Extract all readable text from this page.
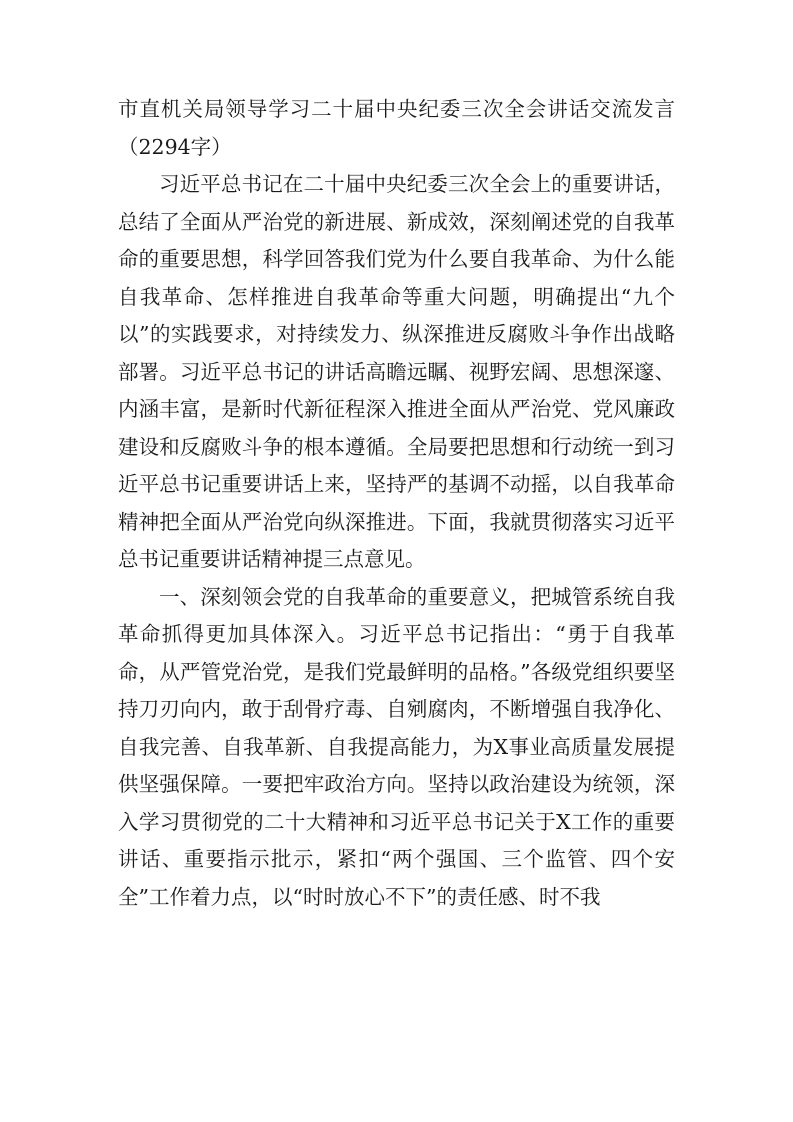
市直机关局领导学习二十届中央纪委三次全会讲话交流发言（2294字）

习近平总书记在二十届中央纪委三次全会上的重要讲话，总结了全面从严治党的新进展、新成效，深刻阐述党的自我革命的重要思想，科学回答我们党为什么要自我革命、为什么能自我革命、怎样推进自我革命等重大问题，明确提出“九个以”的实践要求，对持续发力、纵深推进反腐败斗争作出战略部署。习近平总书记的讲话高瞻远瞩、视野宏阔、思想深邃、内涵丰富，是新时代新征程深入推进全面从严治党、党风廉政建设和反腐败斗争的根本遵循。全局要把思想和行动统一到习近平总书记重要讲话上来，坚持严的基调不动摇，以自我革命精神把全面从严治党向纵深推进。下面，我就贯彻落实习近平总书记重要讲话精神提三点意见。

一、深刻领会党的自我革命的重要意义，把城管系统自我革命抓得更加具体深入。习近平总书记指出：“勇于自我革命，从严管党治党，是我们党最鲜明的品格。”各级党组织要坚持刀刃向内，敢于刮骨疗毒、自剜腐肉，不断增强自我净化、自我完善、自我革新、自我提高能力，为X事业高质量发展提供坚强保障。一要把牢政治方向。坚持以政治建设为统领，深入学习贯彻党的二十大精神和习近平总书记关于X工作的重要讲话、重要指示批示，紧扣“两个强国、三个监管、四个安全”工作着力点，以“时时放心不下”的责任感、时不我
